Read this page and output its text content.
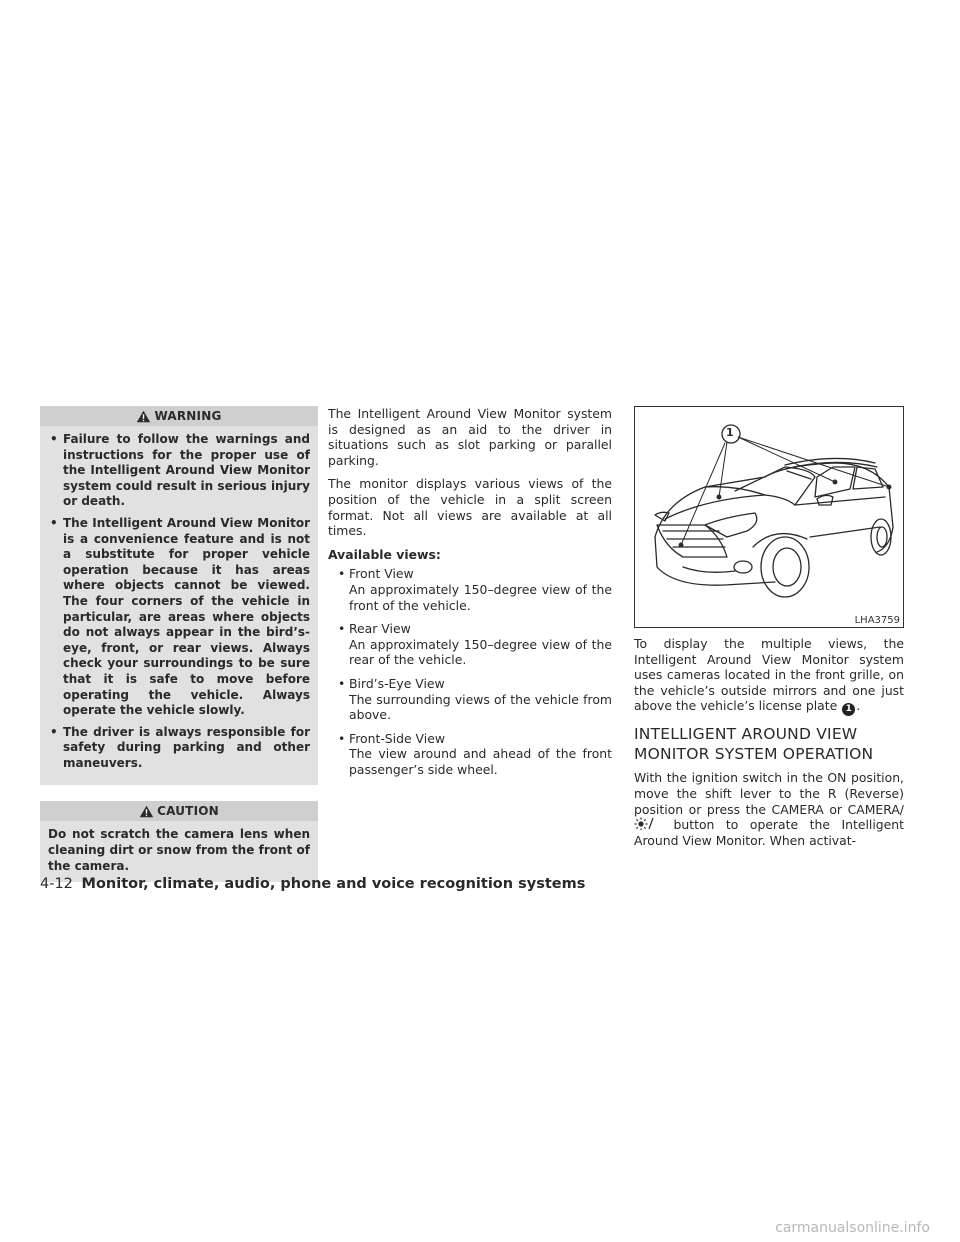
WARNING
• Failure to follow the warnings and instructions for the proper use of the Intelligent Around View Monitor system could result in serious injury or death.
• The Intelligent Around View Monitor is a convenience feature and is not a substitute for proper vehicle operation because it has areas where objects cannot be viewed. The four corners of the vehicle in particular, are areas where objects do not always appear in the bird’s-eye, front, or rear views. Always check your surroundings to be sure that it is safe to move before operating the vehicle. Always operate the vehicle slowly.
• The driver is always responsible for safety during parking and other maneuvers.
CAUTION
Do not scratch the camera lens when cleaning dirt or snow from the front of the camera.

The Intelligent Around View Monitor system is designed as an aid to the driver in situations such as slot parking or parallel parking.

The monitor displays various views of the position of the vehicle in a split screen format. Not all views are available at all times.

Available views:
• Front View
An approximately 150–degree view of the front of the vehicle.
• Rear View
An approximately 150–degree view of the rear of the vehicle.
• Bird’s-Eye View
The surrounding views of the vehicle from above.
• Front-Side View
The view around and ahead of the front passenger’s side wheel.
1
LHA3759

To display the multiple views, the Intelligent Around View Monitor system uses cameras located in the front grille, on the vehicle’s outside mirrors and one just above the vehicle’s license plate 1 .

INTELLIGENT AROUND VIEW
MONITOR SYSTEM OPERATION

With the ignition switch in the ON position, move the shift lever to the R (Reverse) position or press the CAMERA or CAMERA/ button to operate the Intelligent Around View Monitor. When activat-

4-12 Monitor, climate, audio, phone and voice recognition systems
carmanualsonline.info
